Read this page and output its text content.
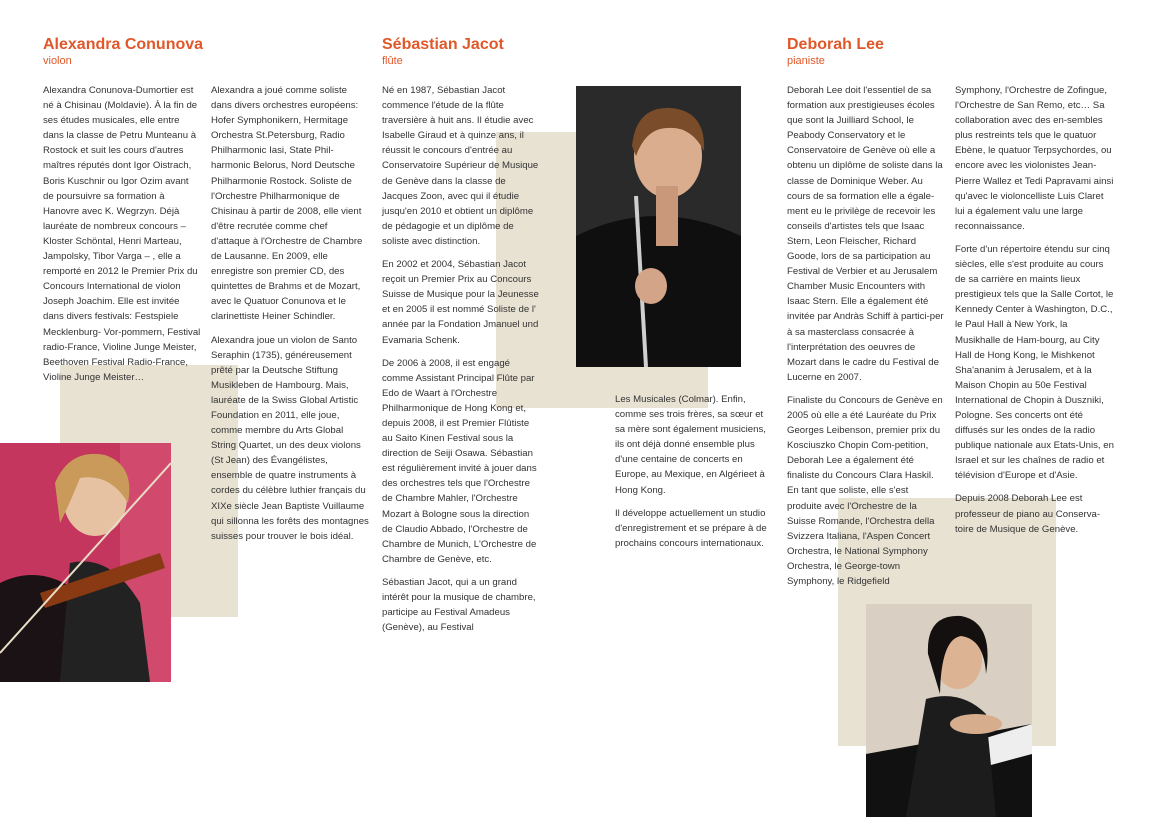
Alexandra Conunova
violon

Alexandra Conunova-Dumortier est né à Chisinau (Moldavie). À la fin de ses études musicales, elle entre dans la classe de Petru Munteanu à Rostock et suit les cours d'autres maîtres réputés dont Igor Oistrach, Boris Kuschnir ou Igor Ozim avant de poursuivre sa formation à Hanovre avec K. Wegrzyn. Déjà lauréate de nombreux concours – Kloster Schöntal, Henri Marteau, Jampolsky, Tibor Varga – , elle a remporté en 2012 le Premier Prix du Concours International de violon Joseph Joachim. Elle est invitée dans divers festivals: Festspiele Mecklenburg- Vor-pommern, Festival radio-France, Violine Junge Meister, Beethoven Festival Radio-France, Violine Junge Meister…

Alexandra a joué comme soliste dans divers orchestres européens: Hofer Symphonikern, Hermitage Orchestra St.Petersburg, Radio Philharmonic Iasi, State Phil-harmonic Belorus, Nord Deutsche Philharmonie Rostock. Soliste de l'Orchestre Philharmonique de Chisinau à partir de 2008, elle vient d'être recrutée comme chef d'attaque à l'Orchestre de Chambre de Lausanne. En 2009, elle enregistre son premier CD, des quintettes de Brahms et de Mozart, avec le Quatuor Conunova et le clarinettiste Heiner Schindler.

Alexandra joue un violon de Santo Seraphin (1735), généreusement prêté par la Deutsche Stiftung Musikleben de Hambourg. Mais, lauréate de la Swiss Global Artistic Foundation en 2011, elle joue, comme membre du Arts Global String Quartet, un des deux violons (St Jean) des Évangélistes, ensemble de quatre instruments à cordes du célèbre luthier français du XIXe siècle Jean Baptiste Vuillaume qui sillonna les forêts des montagnes suisses pour trouver le bois idéal.

Sébastian Jacot
flûte

Né en 1987, Sébastian Jacot commence l'étude de la flûte traversière à huit ans. Il étudie avec Isabelle Giraud et à quinze ans, il réussit le concours d'entrée au Conservatoire Supérieur de Musique de Genève dans la classe de Jacques Zoon, avec qui il étudie jusqu'en 2010 et obtient un diplôme de pédagogie et un diplôme de soliste avec distinction.

En 2002 et 2004, Sébastian Jacot reçoit un Premier Prix au Concours Suisse de Musique pour la Jeunesse et en 2005 il est nommé Soliste de l' année par la Fondation Jmanuel und Evamaria Schenk.

De 2006 à 2008, il est engagé comme Assistant Principal Flûte par Edo de Waart à l'Orchestre Philharmonique de Hong Kong et, depuis 2008, il est Premier Flûtiste au Saito Kinen Festival sous la direction de Seiji Osawa. Sébastian est régulièrement invité à jouer dans des orchestres tels que l'Orchestre de Chambre Mahler, l'Orchestre Mozart à Bologne sous la direction de Claudio Abbado, l'Orchestre de Chambre de Munich, L'Orchestre de Chambre de Genève, etc.

Sébastian Jacot, qui a un grand intérêt pour la musique de chambre, participe au Festival Amadeus (Genève), au Festival

Les Musicales (Colmar). Enfin, comme ses trois frères, sa sœur et sa mère sont également musiciens, ils ont déjà donné ensemble plus d'une centaine de concerts en Europe, au Mexique, en Algérieet à Hong Kong.

Il développe actuellement un studio d'enregistrement et se prépare à de prochains concours internationaux.

Deborah Lee
pianiste

Deborah Lee doit l'essentiel de sa formation aux prestigieuses écoles que sont la Juilliard School, le Peabody Conservatory et le Conservatoire de Genève où elle a obtenu un diplôme de soliste dans la classe de Dominique Weber. Au cours de sa formation elle a égale-ment eu le privilège de recevoir les conseils d'artistes tels que Isaac Stern, Leon Fleischer, Richard Goode, lors de sa participation au Festival de Verbier et au Jerusalem Chamber Music Encounters with Isaac Stern. Elle a également été invitée par Andràs Schiff à partici-per à sa masterclass consacrée à l'interprétation des oeuvres de Mozart dans le cadre du Festival de Lucerne en 2007.

Finaliste du Concours de Genève en 2005 où elle a été Lauréate du Prix Georges Leibenson, premier prix du Kosciuszko Chopin Com-petition, Deborah Lee a également été finaliste du Concours Clara Haskil. En tant que soliste, elle s'est produite avec l'Orchestre de la Suisse Romande, l'Orchestra della Svizzera Italiana, l'Aspen Concert Orchestra, le National Symphony Orchestra, le George-town Symphony, le Ridgefield

Symphony, l'Orchestre de Zofingue, l'Orchestre de San Remo, etc… Sa collaboration avec des en-sembles plus restreints tels que le quatuor Ebène, le quatuor Terpsychordes, ou encore avec les violonistes Jean-Pierre Wallez et Tedi Papravami ainsi qu'avec le violoncelliste Luis Claret lui a également valu une large reconnaissance.

Forte d'un répertoire étendu sur cinq siècles, elle s'est produite au cours de sa carrière en maints lieux prestigieux tels que la Salle Cortot, le Kennedy Center à Washington, D.C., le Paul Hall à New York, la Musikhalle de Ham-bourg, au City Hall de Hong Kong, le Mishkenot Sha'ananim à Jerusalem, et à la Maison Chopin au 50e Festival International de Chopin à Duszniki, Pologne. Ses concerts ont été diffusés sur les ondes de la radio publique nationale aux Etats-Unis, en Israel et sur les chaînes de radio et télévision d'Europe et d'Asie.

Depuis 2008 Deborah Lee est professeur de piano au Conserva-toire de Musique de Genève.
